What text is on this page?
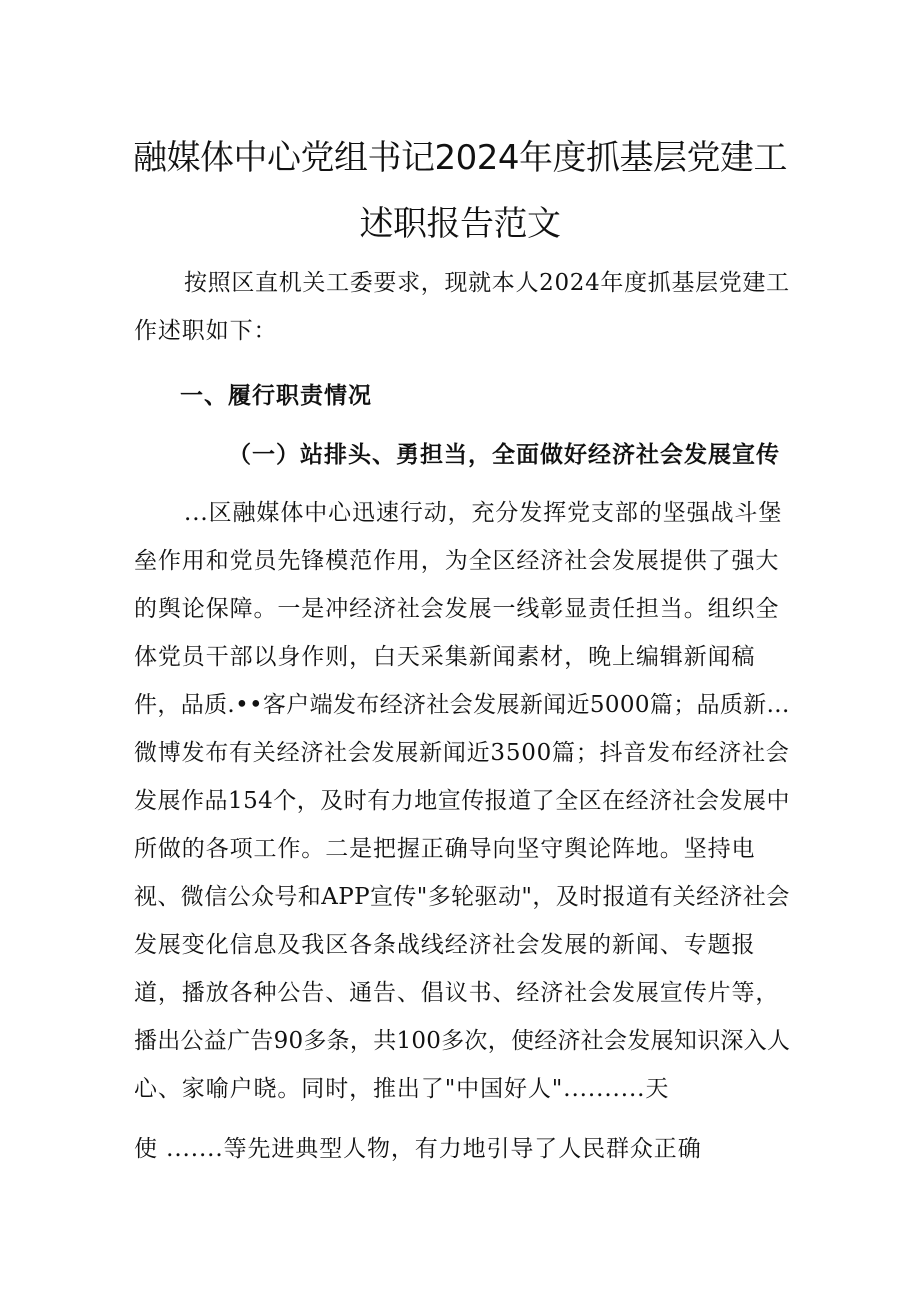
融媒体中心党组书记2024年度抓基层党建工
述职报告范文
按照区直机关工委要求，现就本人2024年度抓基层党建工
作述职如下：
一、履行职责情况
（一）站排头、勇担当，全面做好经济社会发展宣传
...区融媒体中心迅速行动，充分发挥党支部的坚强战斗堡
垒作用和党员先锋模范作用，为全区经济社会发展提供了强大
的舆论保障。一是冲经济社会发展一线彰显责任担当。组织全
体党员干部以身作则，白天采集新闻素材，晚上编辑新闻稿
件，品质.••客户端发布经济社会发展新闻近5000篇；品质新...
微博发布有关经济社会发展新闻近3500篇；抖音发布经济社会
发展作品154个，及时有力地宣传报道了全区在经济社会发展中
所做的各项工作。二是把握正确导向坚守舆论阵地。坚持电
视、微信公众号和APP宣传"多轮驱动"，及时报道有关经济社会
发展变化信息及我区各条战线经济社会发展的新闻、专题报
道，播放各种公告、通告、倡议书、经济社会发展宣传片等，
播出公益广告90多条，共100多次，使经济社会发展知识深入人
心、家喻户晓。同时，推出了"中国好人"..........天
使 .......等先进典型人物，有力地引导了人民群众正确
